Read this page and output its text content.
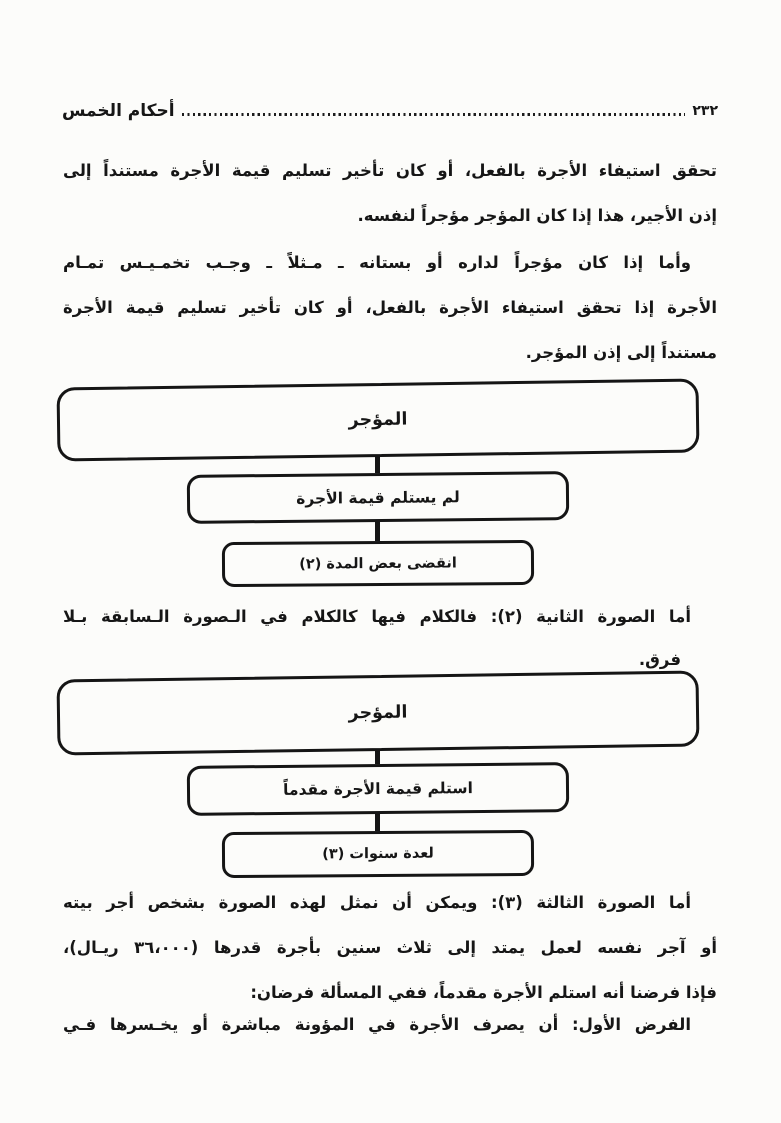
أحكام الخمس	٢٣٢
تحقق استيفاء الأجرة بالفعل، أو كان تأخير تسليم قيمة الأجرة مستنداً إلى
إذن الأجير، هذا إذا كان المؤجر مؤجراً لنفسه.
وأما إذا كان مؤجراً لداره أو بستانه ـ مـثلاً ـ وجـب تخمـيـس تمـام
الأجرة إذا تحقق استيفاء الأجرة بالفعل، أو كان تأخير تسليم قيمة الأجرة
مستنداً إلى إذن المؤجر.
المؤجر
لم يستلم قيمة الأجرة
انقضى بعض المدة (٢)
أما الصورة الثانية (٢): فالكلام فيها كالكلام في الـصورة الـسابقة بـلا
فرق.
المؤجر
استلم قيمة الأجرة مقدماً
لعدة سنوات (٣)
أما الصورة الثالثة (٣): ويمكن أن نمثل لهذه الصورة بشخص أجر بيته
أو آجر نفسه لعمل يمتد إلى ثلاث سنين بأجرة قدرها (٣٦،٠٠٠ ريـال)،
فإذا فرضنا أنه استلم الأجرة مقدماً، ففي المسألة فرضان:
الفرض الأول: أن يصرف الأجرة في المؤونة مباشرة أو يخـسرها فـي
